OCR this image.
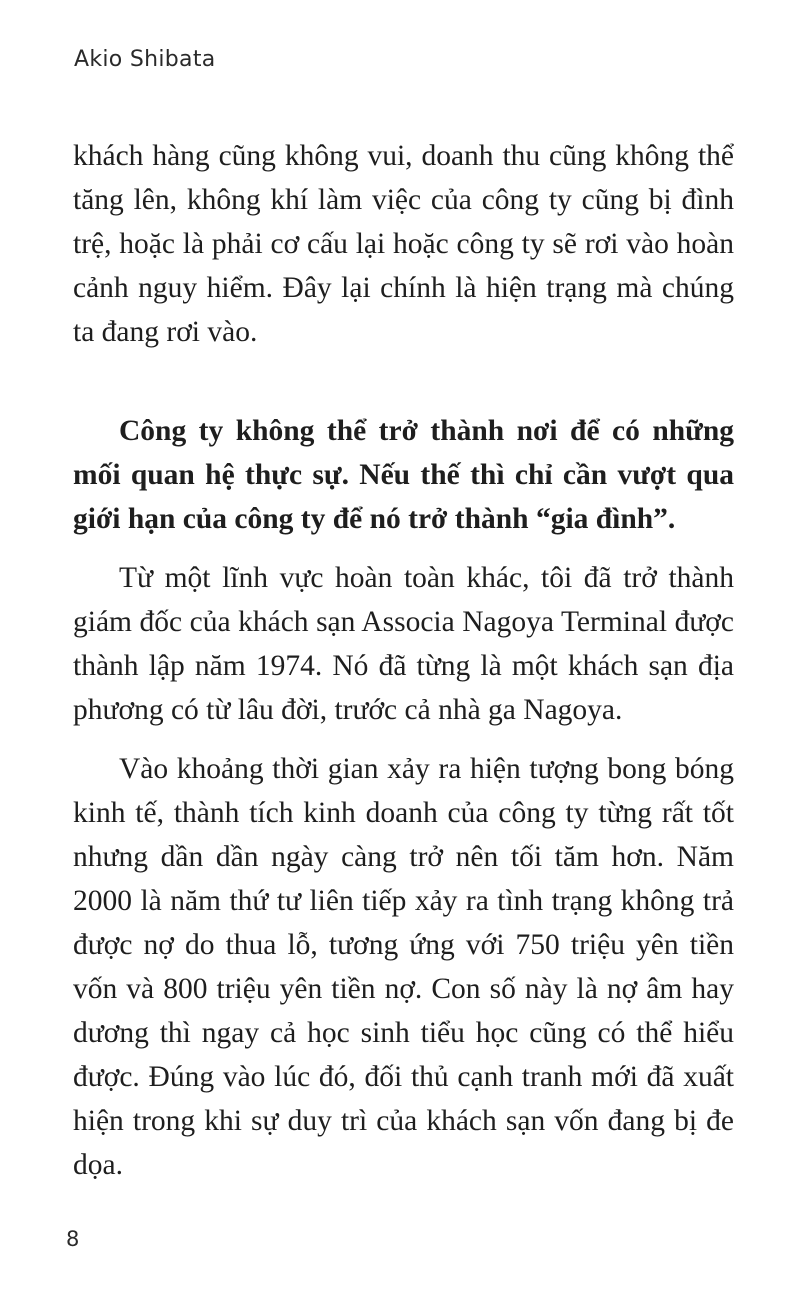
Akio Shibata

khách hàng cũng không vui, doanh thu cũng không thể tăng lên, không khí làm việc của công ty cũng bị đình trệ, hoặc là phải cơ cấu lại hoặc công ty sẽ rơi vào hoàn cảnh nguy hiểm. Đây lại chính là hiện trạng mà chúng ta đang rơi vào.

Công ty không thể trở thành nơi để có những mối quan hệ thực sự. Nếu thế thì chỉ cần vượt qua giới hạn của công ty để nó trở thành “gia đình”.

Từ một lĩnh vực hoàn toàn khác, tôi đã trở thành giám đốc của khách sạn Associa Nagoya Terminal được thành lập năm 1974. Nó đã từng là một khách sạn địa phương có từ lâu đời, trước cả nhà ga Nagoya.

Vào khoảng thời gian xảy ra hiện tượng bong bóng kinh tế, thành tích kinh doanh của công ty từng rất tốt nhưng dần dần ngày càng trở nên tối tăm hơn. Năm 2000 là năm thứ tư liên tiếp xảy ra tình trạng không trả được nợ do thua lỗ, tương ứng với 750 triệu yên tiền vốn và 800 triệu yên tiền nợ. Con số này là nợ âm hay dương thì ngay cả học sinh tiểu học cũng có thể hiểu được. Đúng vào lúc đó, đối thủ cạnh tranh mới đã xuất hiện trong khi sự duy trì của khách sạn vốn đang bị đe dọa.

8
